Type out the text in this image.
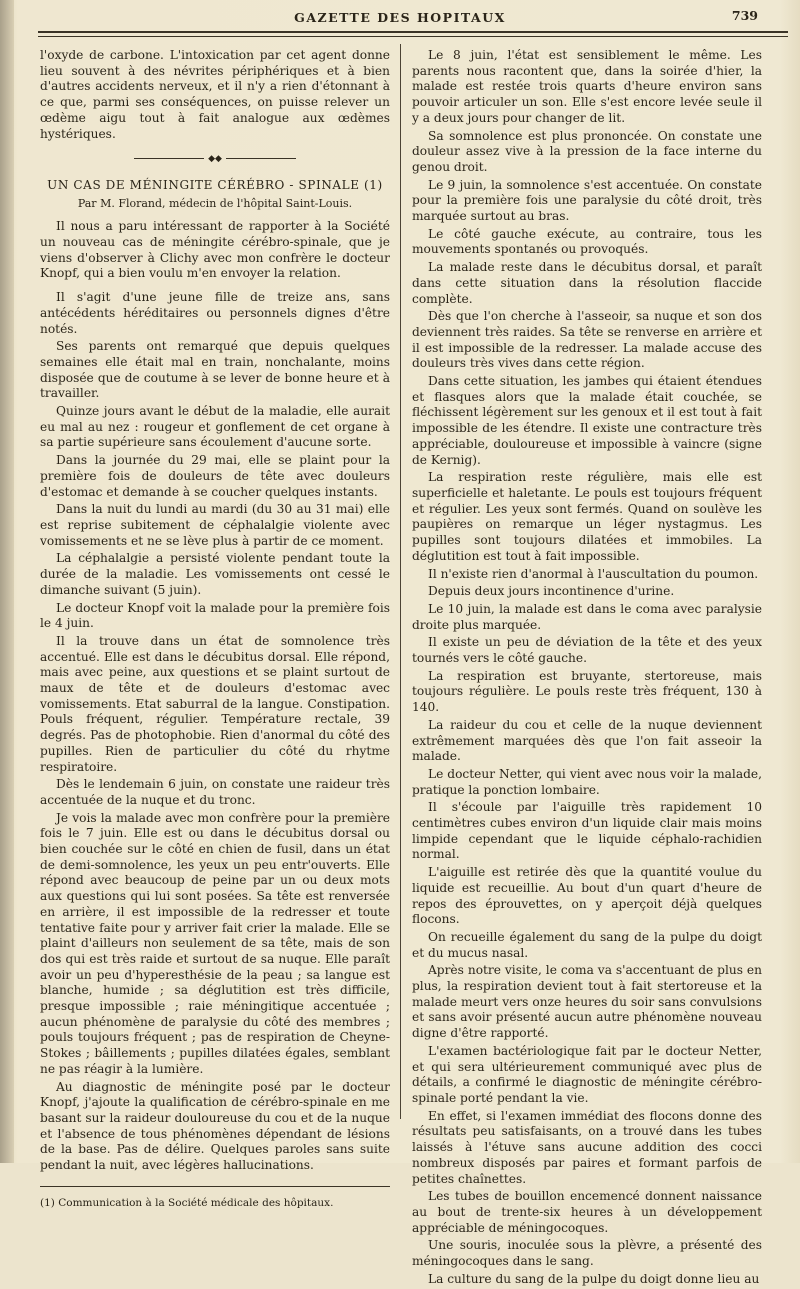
GAZETTE DES HOPITAUX	739

l'oxyde de carbone. L'intoxication par cet agent donne lieu souvent à des névrites périphériques et à bien d'autres accidents nerveux, et il n'y a rien d'étonnant à ce que, parmi ses conséquences, on puisse relever un œdème aigu tout à fait analogue aux œdèmes hystériques.

◆◆
UN CAS DE MÉNINGITE CÉRÉBRO - SPINALE (1)
Par M. Florand, médecin de l'hôpital Saint-Louis.

Il nous a paru intéressant de rapporter à la Société un nouveau cas de méningite cérébro-spinale, que je viens d'observer à Clichy avec mon confrère le docteur Knopf, qui a bien voulu m'en envoyer la relation.

Il s'agit d'une jeune fille de treize ans, sans antécédents héréditaires ou personnels dignes d'être notés.

Ses parents ont remarqué que depuis quelques semaines elle était mal en train, nonchalante, moins disposée que de coutume à se lever de bonne heure et à travailler.

Quinze jours avant le début de la maladie, elle aurait eu mal au nez : rougeur et gonflement de cet organe à sa partie supérieure sans écoulement d'aucune sorte.

Dans la journée du 29 mai, elle se plaint pour la première fois de douleurs de tête avec douleurs d'estomac et demande à se coucher quelques instants.

Dans la nuit du lundi au mardi (du 30 au 31 mai) elle est reprise subitement de céphalalgie violente avec vomissements et ne se lève plus à partir de ce moment.

La céphalalgie a persisté violente pendant toute la durée de la maladie. Les vomissements ont cessé le dimanche suivant (5 juin).

Le docteur Knopf voit la malade pour la première fois le 4 juin.

Il la trouve dans un état de somnolence très accentué. Elle est dans le décubitus dorsal. Elle répond, mais avec peine, aux questions et se plaint surtout de maux de tête et de douleurs d'estomac avec vomissements. Etat saburral de la langue. Constipation. Pouls fréquent, régulier. Température rectale, 39 degrés. Pas de photophobie. Rien d'anormal du côté des pupilles. Rien de particulier du côté du rhytme respiratoire.

Dès le lendemain 6 juin, on constate une raideur très accentuée de la nuque et du tronc.

Je vois la malade avec mon confrère pour la première fois le 7 juin. Elle est ou dans le décubitus dorsal ou bien couchée sur le côté en chien de fusil, dans un état de demi-somnolence, les yeux un peu entr'ouverts. Elle répond avec beaucoup de peine par un ou deux mots aux questions qui lui sont posées. Sa tête est renversée en arrière, il est impossible de la redresser et toute tentative faite pour y arriver fait crier la malade. Elle se plaint d'ailleurs non seulement de sa tête, mais de son dos qui est très raide et surtout de sa nuque. Elle paraît avoir un peu d'hyperesthésie de la peau ; sa langue est blanche, humide ; sa déglutition est très difficile, presque impossible ; raie méningitique accentuée ; aucun phénomène de paralysie du côté des membres ; pouls toujours fréquent ; pas de respiration de Cheyne-Stokes ; bâillements ; pupilles dilatées égales, semblant ne pas réagir à la lumière.

Au diagnostic de méningite posé par le docteur Knopf, j'ajoute la qualification de cérébro-spinale en me basant sur la raideur douloureuse du cou et de la nuque et l'absence de tous phénomènes dépendant de lésions de la base. Pas de délire. Quelques paroles sans suite pendant la nuit, avec légères hallucinations.

(1) Communication à la Société médicale des hôpitaux.

Le 8 juin, l'état est sensiblement le même. Les parents nous racontent que, dans la soirée d'hier, la malade est restée trois quarts d'heure environ sans pouvoir articuler un son. Elle s'est encore levée seule il y a deux jours pour changer de lit.

Sa somnolence est plus prononcée. On constate une douleur assez vive à la pression de la face interne du genou droit.

Le 9 juin, la somnolence s'est accentuée. On constate pour la première fois une paralysie du côté droit, très marquée surtout au bras.

Le côté gauche exécute, au contraire, tous les mouvements spontanés ou provoqués.

La malade reste dans le décubitus dorsal, et paraît dans cette situation dans la résolution flaccide complète.

Dès que l'on cherche à l'asseoir, sa nuque et son dos deviennent très raides. Sa tête se renverse en arrière et il est impossible de la redresser. La malade accuse des douleurs très vives dans cette région.

Dans cette situation, les jambes qui étaient étendues et flasques alors que la malade était couchée, se fléchissent légèrement sur les genoux et il est tout à fait impossible de les étendre. Il existe une contracture très appréciable, douloureuse et impossible à vaincre (signe de Kernig).

La respiration reste régulière, mais elle est superficielle et haletante. Le pouls est toujours fréquent et régulier. Les yeux sont fermés. Quand on soulève les paupières on remarque un léger nystagmus. Les pupilles sont toujours dilatées et immobiles. La déglutition est tout à fait impossible.

Il n'existe rien d'anormal à l'auscultation du poumon.

Depuis deux jours incontinence d'urine.

Le 10 juin, la malade est dans le coma avec paralysie droite plus marquée.

Il existe un peu de déviation de la tête et des yeux tournés vers le côté gauche.

La respiration est bruyante, stertoreuse, mais toujours régulière. Le pouls reste très fréquent, 130 à 140.

La raideur du cou et celle de la nuque deviennent extrêmement marquées dès que l'on fait asseoir la malade.

Le docteur Netter, qui vient avec nous voir la malade, pratique la ponction lombaire.

Il s'écoule par l'aiguille très rapidement 10 centimètres cubes environ d'un liquide clair mais moins limpide cependant que le liquide céphalo-rachidien normal.

L'aiguille est retirée dès que la quantité voulue du liquide est recueillie. Au bout d'un quart d'heure de repos des éprouvettes, on y aperçoit déjà quelques flocons.

On recueille également du sang de la pulpe du doigt et du mucus nasal.

Après notre visite, le coma va s'accentuant de plus en plus, la respiration devient tout à fait stertoreuse et la malade meurt vers onze heures du soir sans convulsions et sans avoir présenté aucun autre phénomène nouveau digne d'être rapporté.

L'examen bactériologique fait par le docteur Netter, et qui sera ultérieurement communiqué avec plus de détails, a confirmé le diagnostic de méningite cérébro-spinale porté pendant la vie.

En effet, si l'examen immédiat des flocons donne des résultats peu satisfaisants, on a trouvé dans les tubes laissés à l'étuve sans aucune addition des cocci nombreux disposés par paires et formant parfois de petites chaînettes.

Les tubes de bouillon encemencé donnent naissance au bout de trente-six heures à un développement appréciable de méningocoques.

Une souris, inoculée sous la plèvre, a présenté des méningocoques dans le sang.

La culture du sang de la pulpe du doigt donne lieu au
